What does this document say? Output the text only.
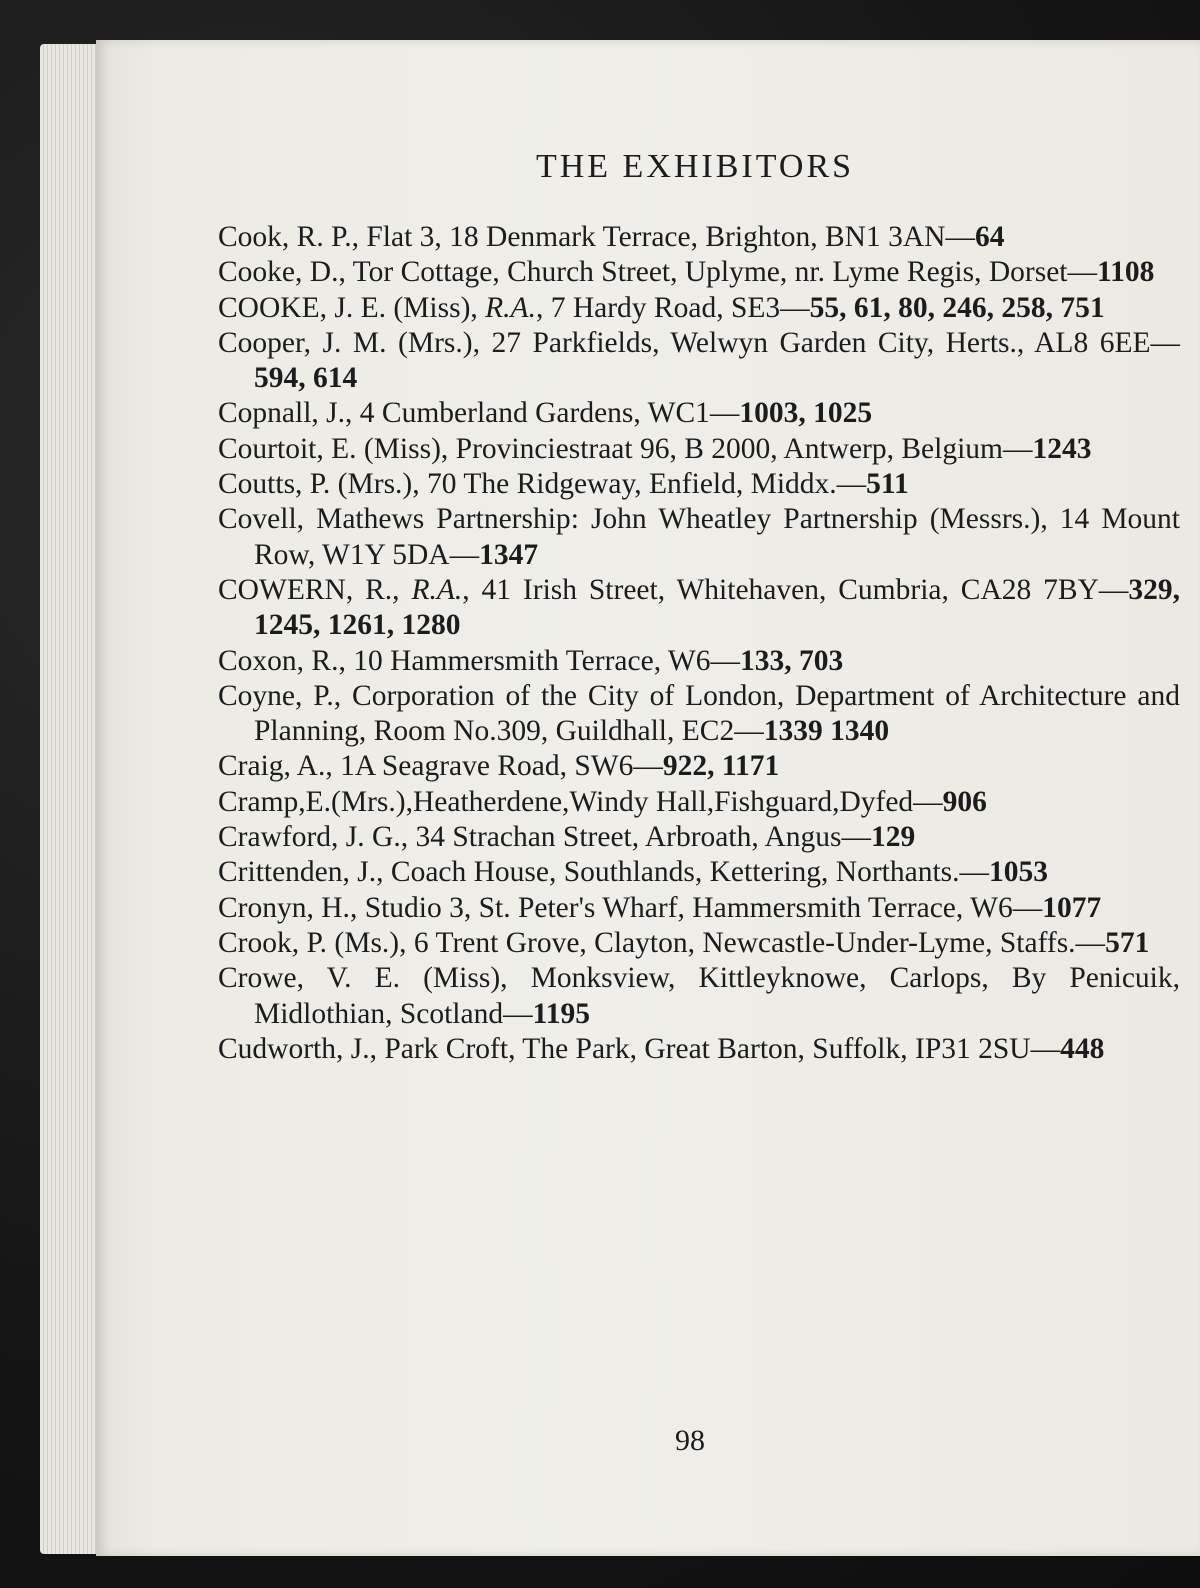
THE EXHIBITORS
Cook, R. P., Flat 3, 18 Denmark Terrace, Brighton, BN1 3AN—64
Cooke, D., Tor Cottage, Church Street, Uplyme, nr. Lyme Regis, Dorset—1108
COOKE, J. E. (Miss), R.A., 7 Hardy Road, SE3—55, 61, 80, 246, 258, 751
Cooper, J. M. (Mrs.), 27 Parkfields, Welwyn Garden City, Herts., AL8 6EE—594, 614
Copnall, J., 4 Cumberland Gardens, WC1—1003, 1025
Courtoit, E. (Miss), Provinciestraat 96, B 2000, Antwerp, Belgium—1243
Coutts, P. (Mrs.), 70 The Ridgeway, Enfield, Middx.—511
Covell, Mathews Partnership: John Wheatley Partnership (Messrs.), 14 Mount Row, W1Y 5DA—1347
COWERN, R., R.A., 41 Irish Street, Whitehaven, Cumbria, CA28 7BY—329, 1245, 1261, 1280
Coxon, R., 10 Hammersmith Terrace, W6—133, 703
Coyne, P., Corporation of the City of London, Department of Architecture and Planning, Room No.309, Guildhall, EC2—1339 1340
Craig, A., 1A Seagrave Road, SW6—922, 1171
Cramp,E.(Mrs.),Heatherdene,Windy Hall,Fishguard,Dyfed—906
Crawford, J. G., 34 Strachan Street, Arbroath, Angus—129
Crittenden, J., Coach House, Southlands, Kettering, Northants.—1053
Cronyn, H., Studio 3, St. Peter's Wharf, Hammersmith Terrace, W6—1077
Crook, P. (Ms.), 6 Trent Grove, Clayton, Newcastle-Under-Lyme, Staffs.—571
Crowe, V. E. (Miss), Monksview, Kittleyknowe, Carlops, By Penicuik, Midlothian, Scotland—1195
Cudworth, J., Park Croft, The Park, Great Barton, Suffolk, IP31 2SU—448
98
